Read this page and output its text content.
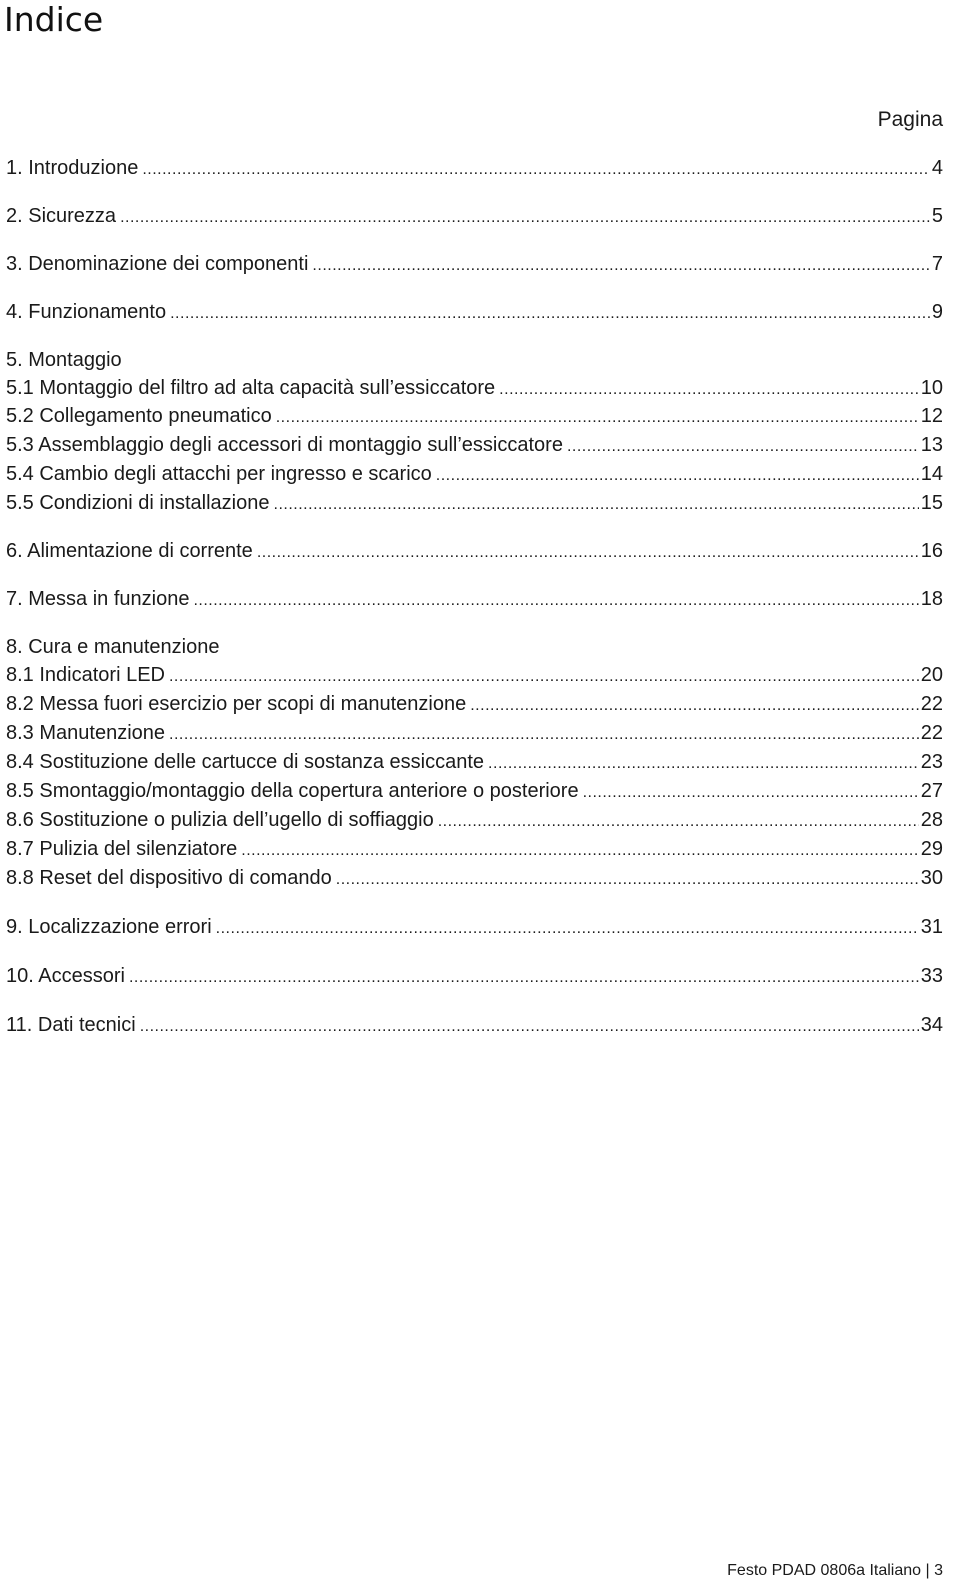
Indice
Pagina
1. Introduzione .....	4
2. Sicurezza .....	5
3. Denominazione dei componenti .....	7
4. Funzionamento .....	9
5. Montaggio
5.1 Montaggio del filtro ad alta capacità sull’essiccatore .....	10
5.2 Collegamento pneumatico .....	12
5.3 Assemblaggio degli accessori di montaggio sull’essiccatore .....	13
5.4 Cambio degli attacchi per ingresso e scarico .....	14
5.5 Condizioni di installazione .....	15
6. Alimentazione di corrente .....	16
7. Messa in funzione .....	18
8. Cura e manutenzione
8.1 Indicatori LED .....	20
8.2 Messa fuori esercizio per scopi di manutenzione .....	22
8.3 Manutenzione .....	22
8.4 Sostituzione delle cartucce di sostanza essiccante .....	23
8.5 Smontaggio/montaggio della copertura anteriore o posteriore .....	27
8.6 Sostituzione o pulizia dell’ugello di soffiaggio .....	28
8.7 Pulizia del silenziatore .....	29
8.8 Reset del dispositivo di comando .....	30
9. Localizzazione errori .....	31
10. Accessori .....	33
11. Dati tecnici .....	34
Festo PDAD 0806a Italiano | 3
